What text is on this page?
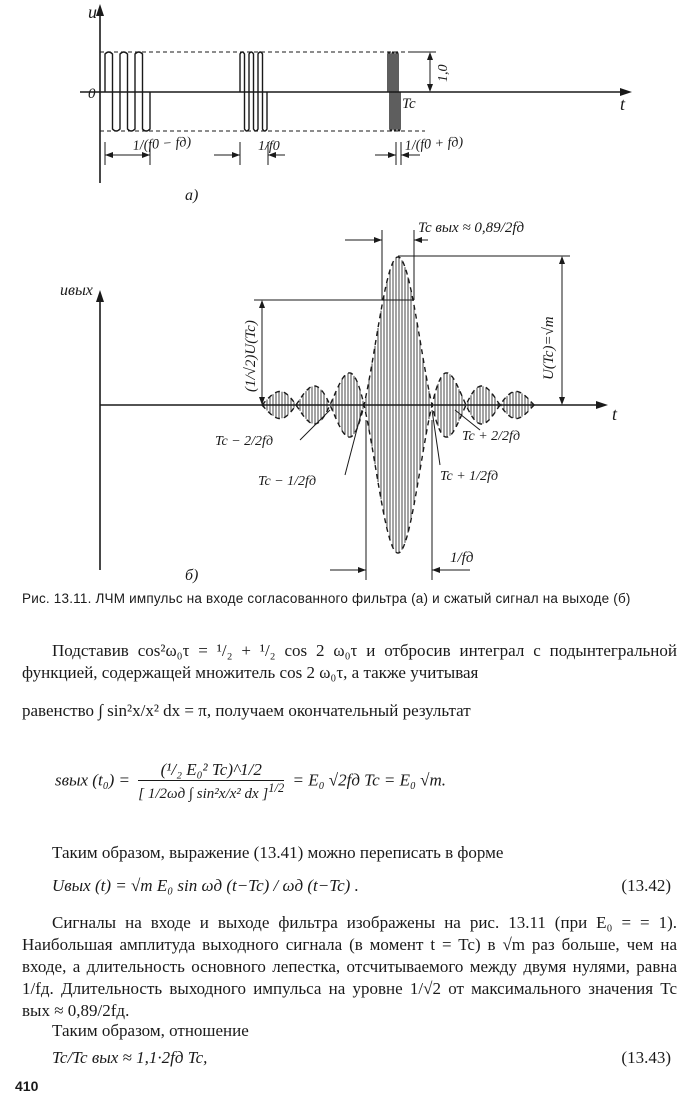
u
t
0
1,0
Tc
1/(f0 − fд)	1/f0	1/(f0 + fд)
а)
uвых
t
Tc вых ≈ 0,89/2fд
U(Tc)=√m
(1/√2)U(Tc)
Tc − 2/2fд	Tc + 2/2fд
Tc − 1/2fд	Tc + 1/2fд
1/fд
б)
Рис. 13.11. ЛЧМ импульс на входе согласованного фильтра (а) и сжатый сигнал на выходе (б)
Подставив cos²ω₀τ = ¹/₂ + ¹/₂ cos 2 ω₀τ и отбросив интеграл с подынтегральной функцией, содержащей множитель cos 2 ω₀τ, а также учитывая
равенство ∫ sin²x/x² dx = π, получаем окончательный результат
sвых $(t_0) = \frac{\text{(¹/₂ E₀² Tc)\textasciicircum{}1/2}}{[ 1/2\omega д \int \sin^2x/x^2 dx ]^{1/2}} = E_0$ √2fд Tc = E₀ √m.
Таким образом, выражение (13.41) можно переписать в форме
Uвых (t) = √m E₀ sin ωд (t−Tc) / ωд (t−Tc) .	(13.42)
Сигналы на входе и выходе фильтра изображены на рис. 13.11 (при E₀ = = 1). Наибольшая амплитуда выходного сигнала (в момент t = Tc) в √m раз больше, чем на входе, а длительность основного лепестка, отсчитываемого между двумя нулями, равна 1/fд. Длительность выходного импульса на уровне 1/√2 от максимального значения Tc вых ≈ 0,89/2fд.
Таким образом, отношение
Tc/Tc вых ≈ 1,1·2fд Tc,	(13.43)
410
